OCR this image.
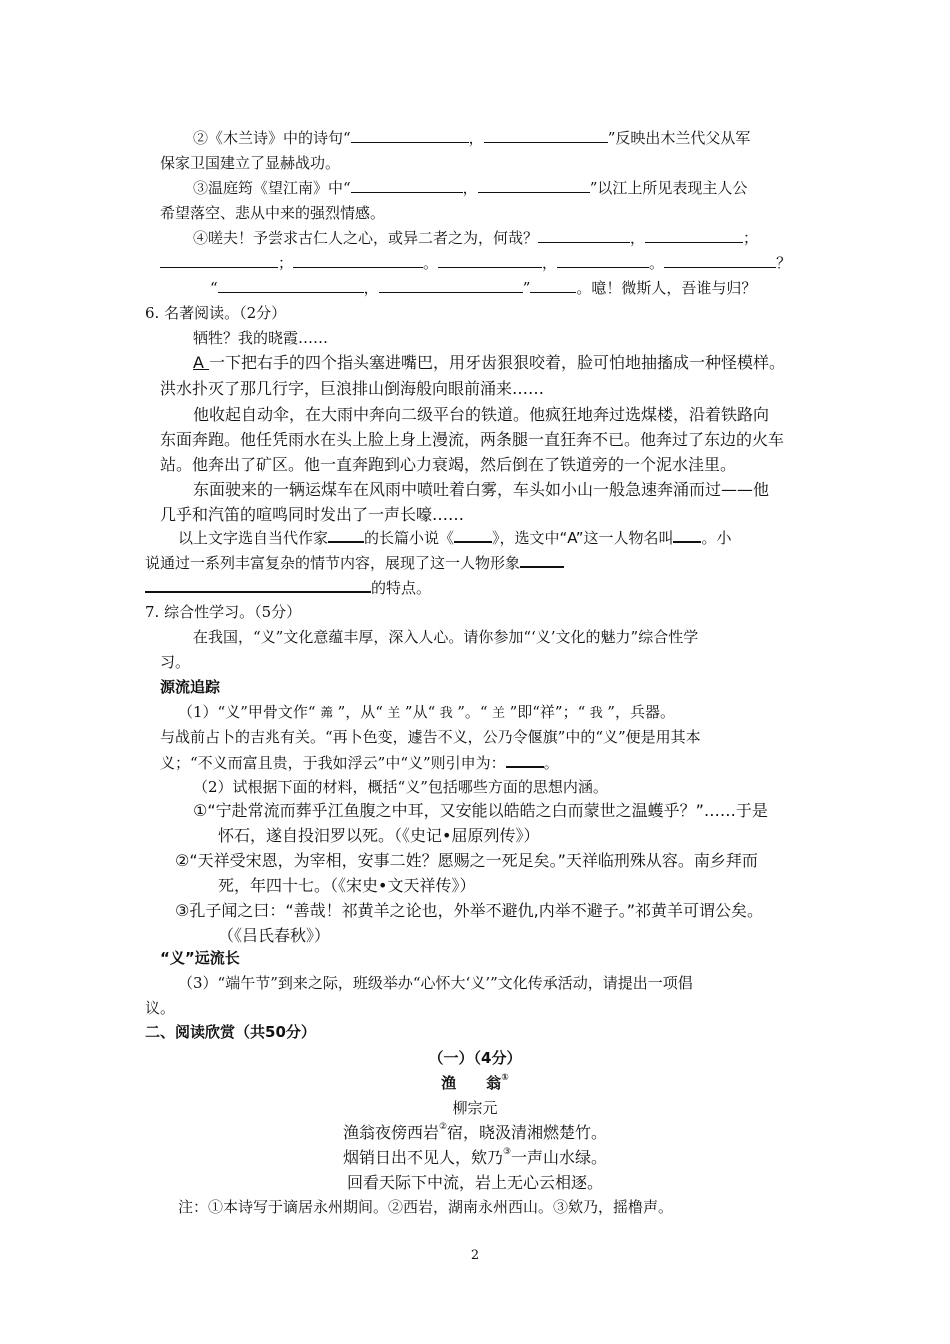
②《木兰诗》中的诗句“	，	”反映出木兰代父从军
保家卫国建立了显赫战功。
③温庭筠《望江南》中“	，	”以江上所见表现主人公
希望落空、悲从中来的强烈情感。
④嗟夫！予尝求古仁人之心，或异二者之为，何哉？	，	；
；	。	，	。	？
“	，	”	。噫！微斯人，吾谁与归？
6. 名著阅读。（2分）
牺牲？我的晓霞……
A 一下把右手的四个指头塞进嘴巴，用牙齿狠狠咬着，脸可怕地抽搐成一种怪模样。
洪水扑灭了那几行字，巨浪排山倒海般向眼前涌来……
他收起自动伞，在大雨中奔向二级平台的铁道。他疯狂地奔过选煤楼，沿着铁路向
东面奔跑。他任凭雨水在头上脸上身上漫流，两条腿一直狂奔不已。他奔过了东边的火车
站。他奔出了矿区。他一直奔跑到心力衰竭，然后倒在了铁道旁的一个泥水洼里。
东面驶来的一辆运煤车在风雨中喷吐着白雾，车头如小山一般急速奔涌而过——他
几乎和汽笛的喧鸣同时发出了一声长嚎……
以上文字选自当代作家 的长篇小说《	》，选文中“A”这一人物名叫 。小
说通过一系列丰富复杂的情节内容，展现了这一人物形象
的特点。
7. 综合性学习。（5分）
在我国，“义”文化意蕴丰厚，深入人心。请你参加“‘义’文化的魅力”综合性学
习。
源流追踪
（1）“义”甲骨文作“ 羛 ”，从“ 𦍌 ”从“ 我 ”。“ 𦍌 ”即“祥”；“ 我 ”，兵器。
与战前占卜的吉兆有关。“再卜色变，遽告不义，公乃令偃旗”中的“义”便是用其本
义；“不义而富且贵，于我如浮云”中“义”则引申为：	。
（2）试根据下面的材料，概括“义”包括哪些方面的思想内涵。
①“宁赴常流而葬乎江鱼腹之中耳，又安能以皓皓之白而蒙世之温蠖乎？”……于是
怀石，遂自投汨罗以死。（《史记•屈原列传》）
②“天祥受宋恩，为宰相，安事二姓？愿赐之一死足矣。”天祥临刑殊从容。南乡拜而
死，年四十七。（《宋史•文天祥传》）
③孔子闻之曰：“善哉！祁黄羊之论也，外举不避仇,内举不避子。”祁黄羊可谓公矣。
（《吕氏春秋》）
“义”远流长
（3）“端午节”到来之际，班级举办“心怀大‘义’”文化传承活动，请提出一项倡
议。
二、阅读欣赏（共50分）
（一）（4分）
渔　　翁①
柳宗元
渔翁夜傍西岩②宿，晓汲清湘燃楚竹。
烟销日出不见人，欸乃③一声山水绿。
回看天际下中流，岩上无心云相逐。
注：①本诗写于谪居永州期间。②西岩，湖南永州西山。③欸乃，摇橹声。
2
